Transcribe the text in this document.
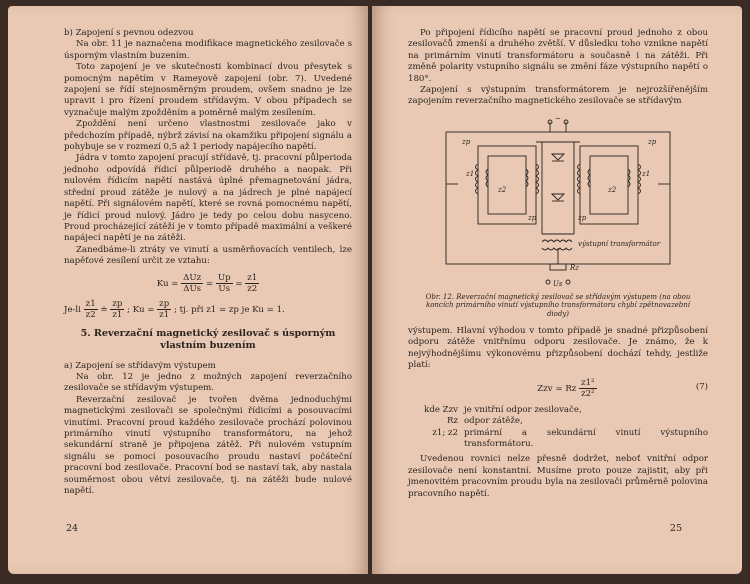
b) Zapojení s pevnou odezvou

Na obr. 11 je naznačena modifikace magnetického zesilovače s úsporným vlastním buzením.

Toto zapojení je ve skutečnosti kombinací dvou přesytek s pomocným napětím v Rameyově zapojení (obr. 7). Uvedené zapojení se řídí stejnosměrným proudem, ovšem snadno je lze upravit i pro řízení proudem střídavým. V obou případech se vyznačuje malým zpožděním a poměrně malým zesílením.

Zpoždění není určeno vlastnostmi zesilovače jako v předchozím případě, nýbrž závisí na okamžiku připojení signálu a pohybuje se v rozmezí 0,5 až 1 periody napájecího napětí.

Jádra v tomto zapojení pracují střídavě, tj. pracovní půlperioda jednoho odpovídá řídicí půlperiodě druhého a naopak. Při nulovém řídicím napětí nastává úplné přemagnetování jádra, střední proud zátěže je nulový a na jádrech je plné napájecí napětí. Při signálovém napětí, které se rovná pomocnému napětí, je řídicí proud nulový. Jádro je tedy po celou dobu nasyceno. Proud procházející zátěží je v tomto případě maximální a veškeré napájecí napětí je na zátěži.

Zanedbáme-li ztráty ve vinutí a usměrňovacích ventilech, lze napěťové zesílení určit ze vztahu:

$Ku = \frac{\text{ΔUz}}{\text{ΔUs}} = \frac{Up}{Us} = \frac{z1}{z2}$
$Je-li \frac{z1}{z2}$ ≐ $\frac{zp}{z1}$ ; $Ku = \frac{zp}{z1}$ ; tj. při z1 = zp je Ku = 1.

5. Reverzační magnetický zesilovač s úsporným vlastním buzením

a) Zapojení se střídavým výstupem

Na obr. 12 je jedno z možných zapojení reverzačního zesilovače se střídavým výstupem.

Reverzační zesilovač je tvořen dvěma jednoduchými magnetickými zesilovači se společnými řídicími a posouvacími vinutími. Pracovní proud každého zesilovače prochází polovinou primárního vinutí výstupního transformátoru, na jehož sekundární straně je připojena zátěž. Při nulovém vstupním signálu se pomocí posouvacího proudu nastaví počáteční pracovní bod zesilovače. Pracovní bod se nastaví tak, aby nastala souměrnost obou větví zesilovače, tj. na zátěži bude nulové napětí.

24

Po připojení řídicího napětí se pracovní proud jednoho z obou zesilovačů zmenší a druhého zvětší. V důsledku toho vznikne napětí na primárním vinutí transformátoru a současně i na zátěži. Při změně polarity vstupního signálu se změní fáze výstupního napětí o 180°.

Zapojení s výstupním transformátorem je nejrozšířenějším zapojením reverzačního magnetického zesilovače se střídavým

~
zp	zp
z1	z1
z2	z2
zp	zp
výstupní transformátor
Rz
Us
Obr. 12. Reverzační magnetický zesilovač se střídavým výstupem (na obou koncích primárního vinutí výstupního transformátoru chybí zpětnovazební diody)

výstupem. Hlavní výhodou v tomto případě je snadné přizpůsobení odporu zátěže vnitřnímu odporu zesilovače. Je známo, že k nejvýhodnějšímu výkonovému přizpůsobení dochází tehdy, jestliže platí:

Zzv = Rz $\frac{\text{z1²}}{\text{z2²}}$	(7)
kde Zzv je vnitřní odpor zesilovače,
Rz odpor zátěže,
z1; z2 primární a sekundární vinutí výstupního transformátoru.

Uvedenou rovnici nelze přesně dodržet, neboť vnitřní odpor zesilovače není konstantní. Musíme proto pouze zajistit, aby při jmenovitém pracovním proudu byla na zesilovači průměrně polovina pracovního napětí.

25
